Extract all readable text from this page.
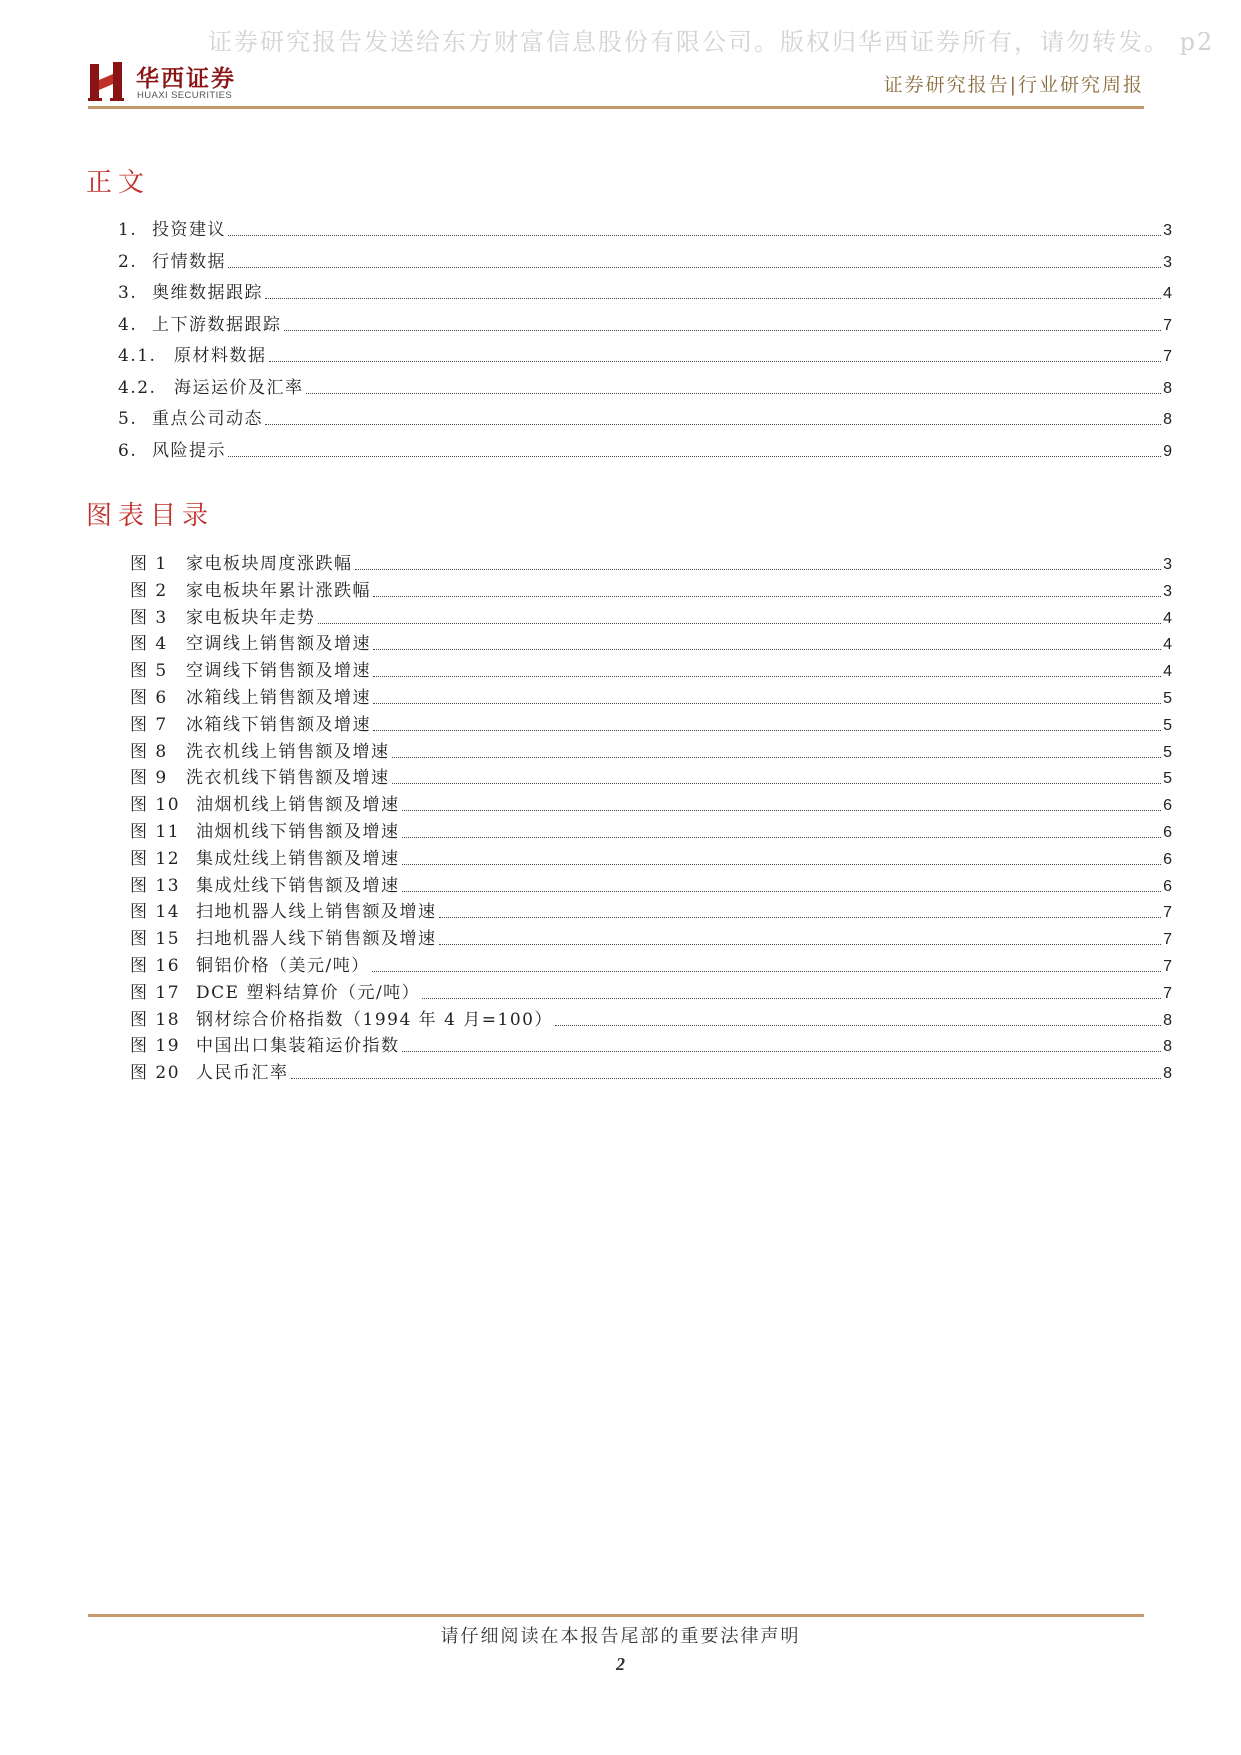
证券研究报告发送给东方财富信息股份有限公司。版权归华西证券所有，请勿转发。 p2
华西证券
HUAXI SECURITIES	证券研究报告|行业研究周报
正文
1. 投资建议	3
2. 行情数据	3
3. 奥维数据跟踪	4
4. 上下游数据跟踪	7
4.1.	原材料数据	7
4.2.	海运运价及汇率	8
5. 重点公司动态	8
6. 风险提示	9
图表目录
图 1	家电板块周度涨跌幅	3
图 2	家电板块年累计涨跌幅	3
图 3	家电板块年走势	4
图 4	空调线上销售额及增速	4
图 5	空调线下销售额及增速	4
图 6	冰箱线上销售额及增速	5
图 7	冰箱线下销售额及增速	5
图 8	洗衣机线上销售额及增速	5
图 9	洗衣机线下销售额及增速	5
图 10 油烟机线上销售额及增速	6
图 11 油烟机线下销售额及增速	6
图 12 集成灶线上销售额及增速	6
图 13 集成灶线下销售额及增速	6
图 14 扫地机器人线上销售额及增速	7
图 15 扫地机器人线下销售额及增速	7
图 16 铜铝价格（美元/吨）	7
图 17 DCE 塑料结算价（元/吨）	7
图 18 钢材综合价格指数（1994 年 4 月=100）	8
图 19 中国出口集装箱运价指数	8
图 20 人民币汇率	8
请仔细阅读在本报告尾部的重要法律声明
2
